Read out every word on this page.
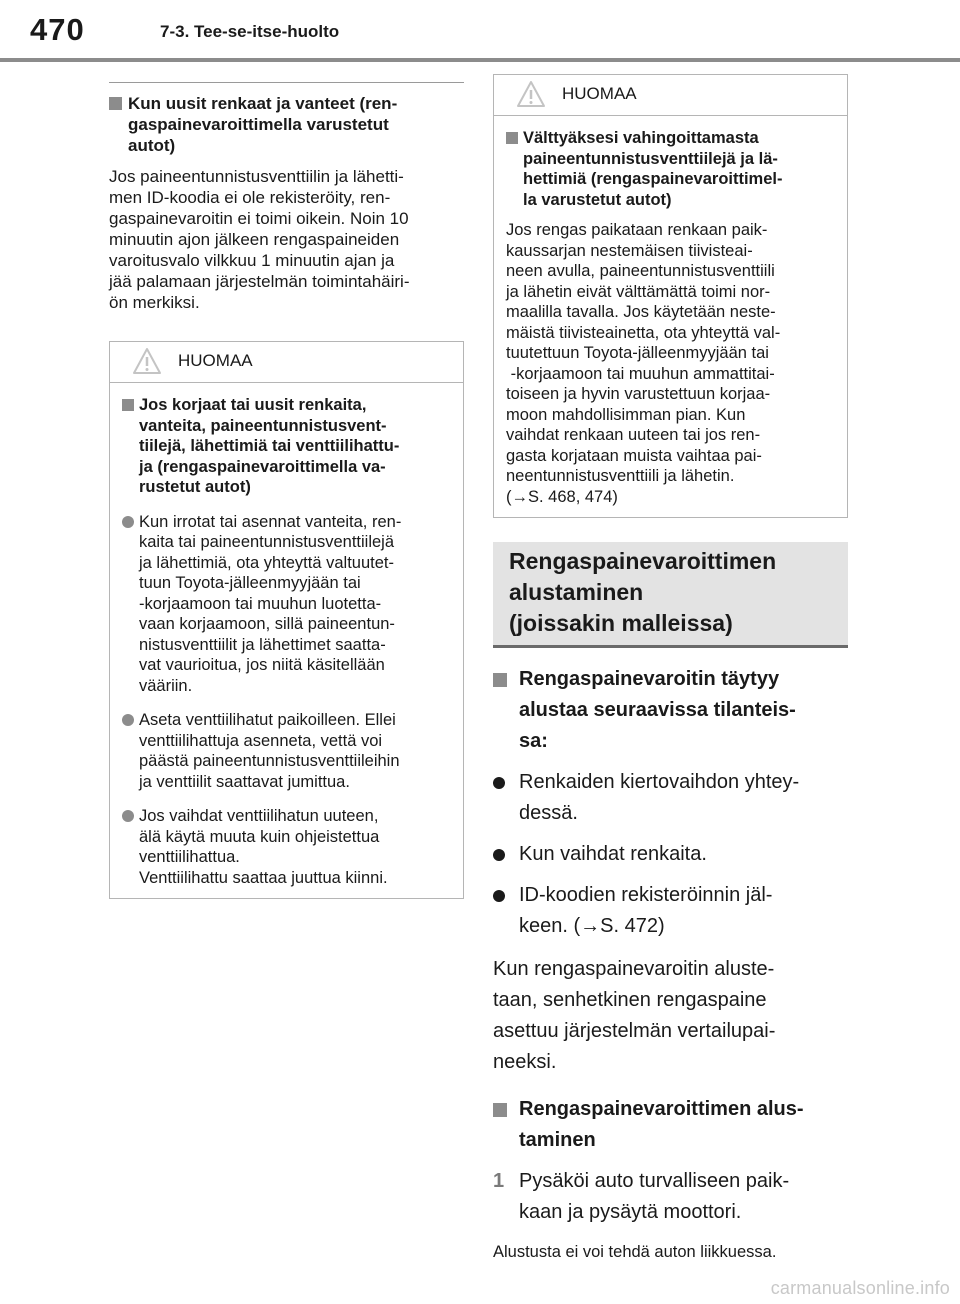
470	7-3. Tee-se-itse-huolto
Kun uusit renkaat ja vanteet (ren-
gaspainevaroittimella varustetut
autot)
Jos paineentunnistusventtiilin ja lähetti-
men ID-koodia ei ole rekisteröity, ren-
gaspainevaroitin ei toimi oikein. Noin 10
minuutin ajon jälkeen rengaspaineiden
varoitusvalo vilkkuu 1 minuutin ajan ja
jää palamaan järjestelmän toimintahäiri-
ön merkiksi.
HUOMAA
Jos korjaat tai uusit renkaita,
vanteita, paineentunnistusvent-
tiilejä, lähettimiä tai venttiilihattu-
ja (rengaspainevaroittimella va-
rustetut autot)
Kun irrotat tai asennat vanteita, ren-
kaita tai paineentunnistusventtiilejä
ja lähettimiä, ota yhteyttä valtuutet-
tuun Toyota-jälleenmyyjään tai
-korjaamoon tai muuhun luotetta-
vaan korjaamoon, sillä paineentun-
nistusventtiilit ja lähettimet saatta-
vat vaurioitua, jos niitä käsitellään
vääriin.
Aseta venttiilihatut paikoilleen. Ellei
venttiilihattuja asenneta, vettä voi
päästä paineentunnistusventtiileihin
ja venttiilit saattavat jumittua.
Jos vaihdat venttiilihatun uuteen,
älä käytä muuta kuin ohjeistettua
venttiilihattua.
Venttiilihattu saattaa juuttua kiinni.
HUOMAA
Välttyäksesi vahingoittamasta
paineentunnistusventtiilejä ja lä-
hettimiä (rengaspainevaroittimel-
la varustetut autot)
Jos rengas paikataan renkaan paik-
kaussarjan nestemäisen tiivisteai-
neen avulla, paineentunnistusventtiili
ja lähetin eivät välttämättä toimi nor-
maalilla tavalla. Jos käytetään neste-
mäistä tiivisteainetta, ota yhteyttä val-
tuutettuun Toyota-jälleenmyyjään tai
-korjaamoon tai muuhun ammattitai-
toiseen ja hyvin varustettuun korjaa-
moon mahdollisimman pian. Kun
vaihdat renkaan uuteen tai jos ren-
gasta korjataan muista vaihtaa pai-
neentunnistusventtiili ja lähetin.
(→S. 468, 474)
Rengaspainevaroittimen
alustaminen
(joissakin malleissa)
Rengaspainevaroitin täytyy
alustaa seuraavissa tilanteis-
sa:
Renkaiden kiertovaihdon yhtey-
dessä.
Kun vaihdat renkaita.
ID-koodien rekisteröinnin jäl-
keen. (→S. 472)
Kun rengaspainevaroitin aluste-
taan, senhetkinen rengaspaine
asettuu järjestelmän vertailupai-
neeksi.
Rengaspainevaroittimen alus-
taminen
1 Pysäköi auto turvalliseen paik-
kaan ja pysäytä moottori.
Alustusta ei voi tehdä auton liikkuessa.
carmanualsonline.info
